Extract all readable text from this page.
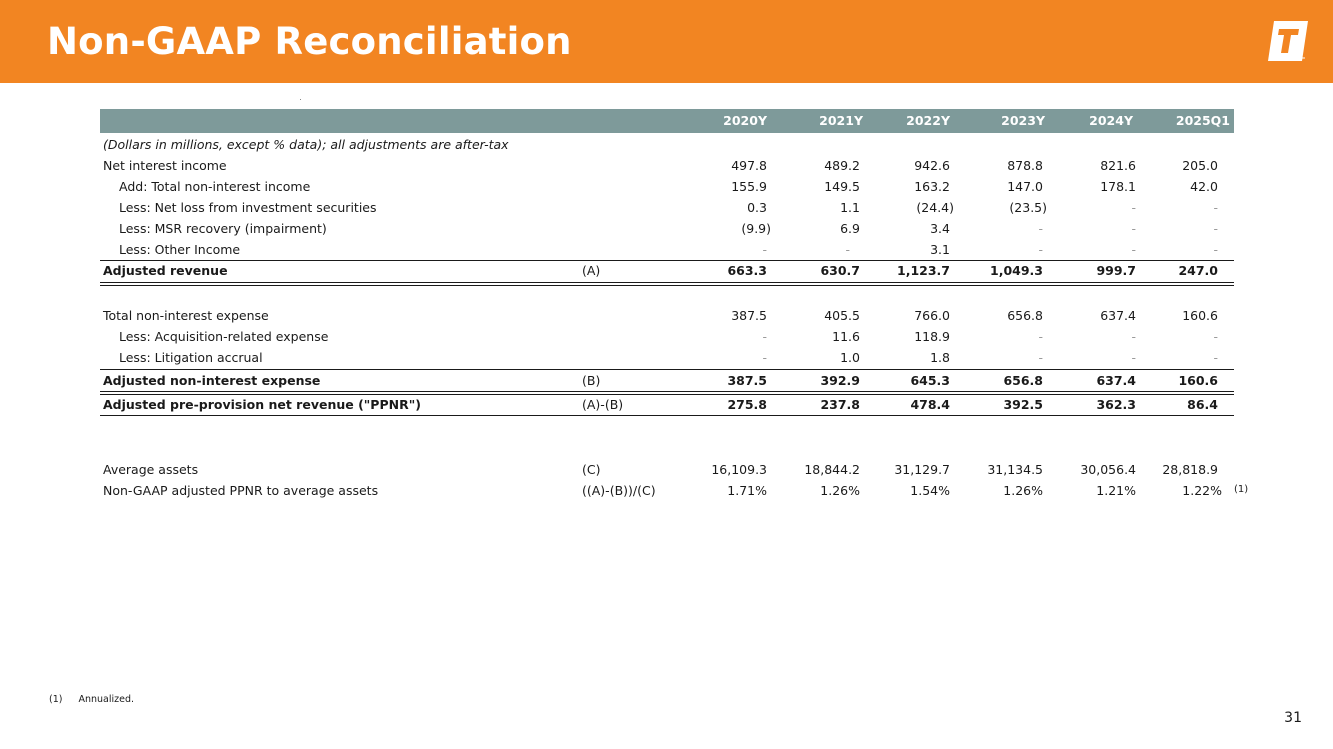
Non-GAAP Reconciliation
2020Y	2021Y	2022Y	2023Y	2024Y	2025Q1
(Dollars in millions, except % data); all adjustments are after-tax
Net interest income	497.8	489.2	942.6	878.8	821.6	205.0
Add: Total non-interest income	155.9	149.5	163.2	147.0	178.1	42.0
Less: Net loss from investment securities	0.3	1.1	(24.4)	(23.5)	-	-
Less: MSR recovery (impairment)	(9.9)	6.9	3.4	-	-	-
Less: Other Income	-	-	3.1	-	-	-
Adjusted revenue	(A)	663.3	630.7	1,123.7	1,049.3	999.7	247.0
Total non-interest expense	387.5	405.5	766.0	656.8	637.4	160.6
Less: Acquisition-related expense	-	11.6	118.9	-	-	-
Less: Litigation accrual	-	1.0	1.8	-	-	-
Adjusted non-interest expense	(B)	387.5	392.9	645.3	656.8	637.4	160.6
Adjusted pre-provision net revenue ("PPNR")	(A)-(B)	275.8	237.8	478.4	392.5	362.3	86.4
Average assets	(C)	16,109.3	18,844.2	31,129.7	31,134.5	30,056.4	28,818.9
Non-GAAP adjusted PPNR to average assets	((A)-(B))/(C)	1.71%	1.26%	1.54%	1.26%	1.21%	1.22% (1)
(1) Annualized.
31
